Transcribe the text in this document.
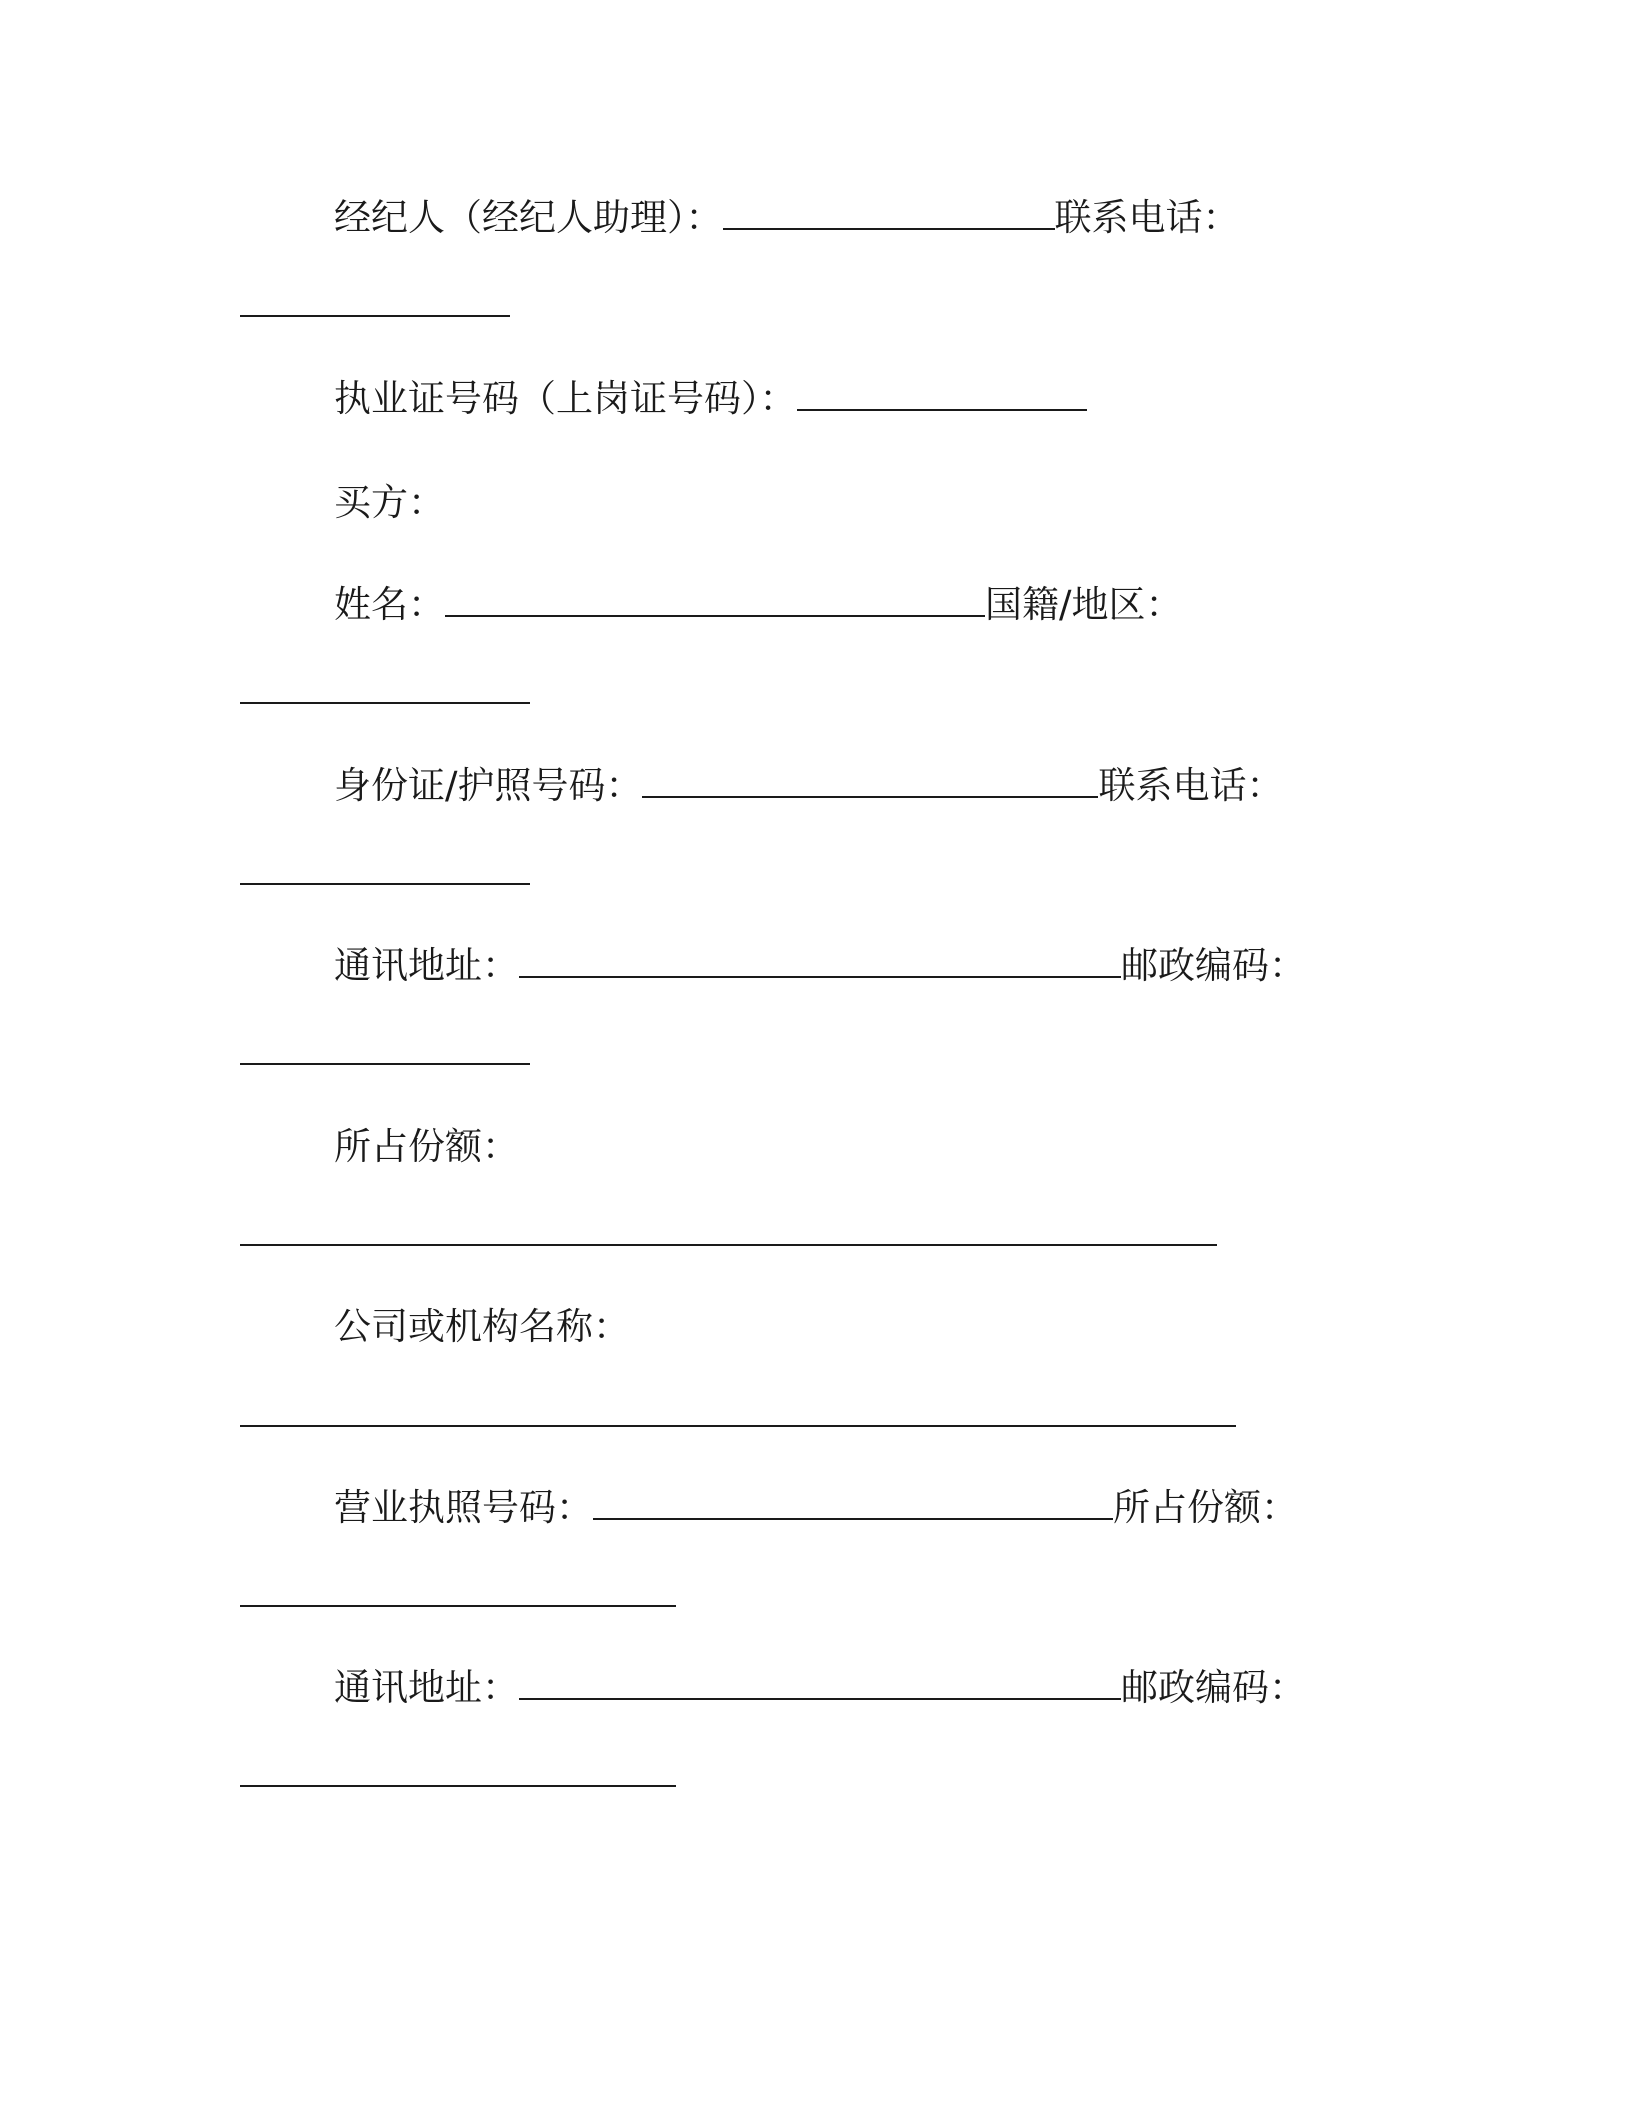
经纪人（经纪人助理）：	联系电话：
执业证号码（上岗证号码）：
买方：
姓名：	国籍/地区：
身份证/护照号码：	联系电话：
通讯地址：	邮政编码：
所占份额：
公司或机构名称：
营业执照号码：	所占份额：
通讯地址：	邮政编码：
